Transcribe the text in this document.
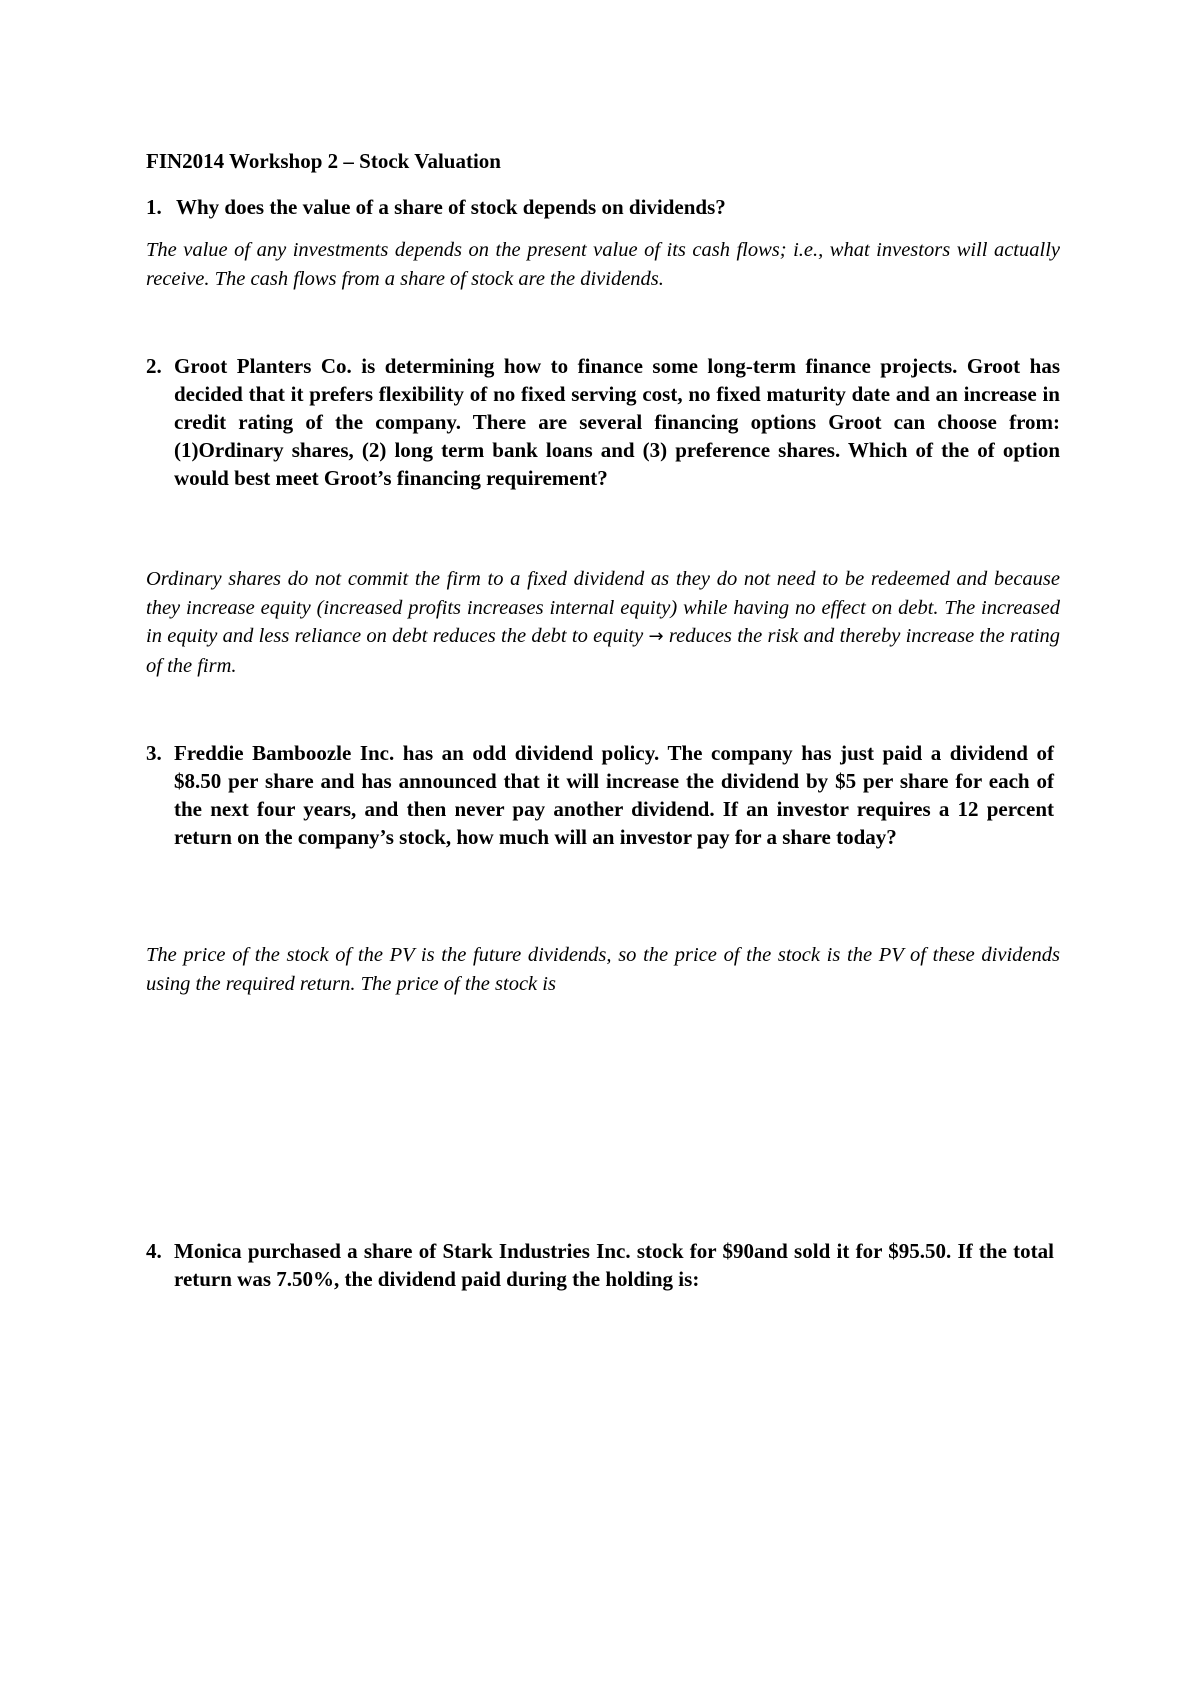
FIN2014 Workshop 2 – Stock Valuation
1. Why does the value of a share of stock depends on dividends?
The value of any investments depends on the present value of its cash flows; i.e., what investors will actually receive. The cash flows from a share of stock are the dividends.
2. Groot Planters Co. is determining how to finance some long-term finance projects. Groot has decided that it prefers flexibility of no fixed serving cost, no fixed maturity date and an increase in credit rating of the company. There are several financing options Groot can choose from: (1)Ordinary shares, (2) long term bank loans and (3) preference shares. Which of the of option would best meet Groot’s financing requirement?
Ordinary shares do not commit the firm to a fixed dividend as they do not need to be redeemed and because they increase equity (increased profits increases internal equity) while having no effect on debt. The increased in equity and less reliance on debt reduces the debt to equity → reduces the risk and thereby increase the rating of the firm.
3. Freddie Bamboozle Inc. has an odd dividend policy. The company has just paid a dividend of $8.50 per share and has announced that it will increase the dividend by $5 per share for each of the next four years, and then never pay another dividend. If an investor requires a 12 percent return on the company’s stock, how much will an investor pay for a share today?
The price of the stock of the PV is the future dividends, so the price of the stock is the PV of these dividends using the required return. The price of the stock is
4. Monica purchased a share of Stark Industries Inc. stock for $90and sold it for $95.50. If the total return was 7.50%, the dividend paid during the holding is:
